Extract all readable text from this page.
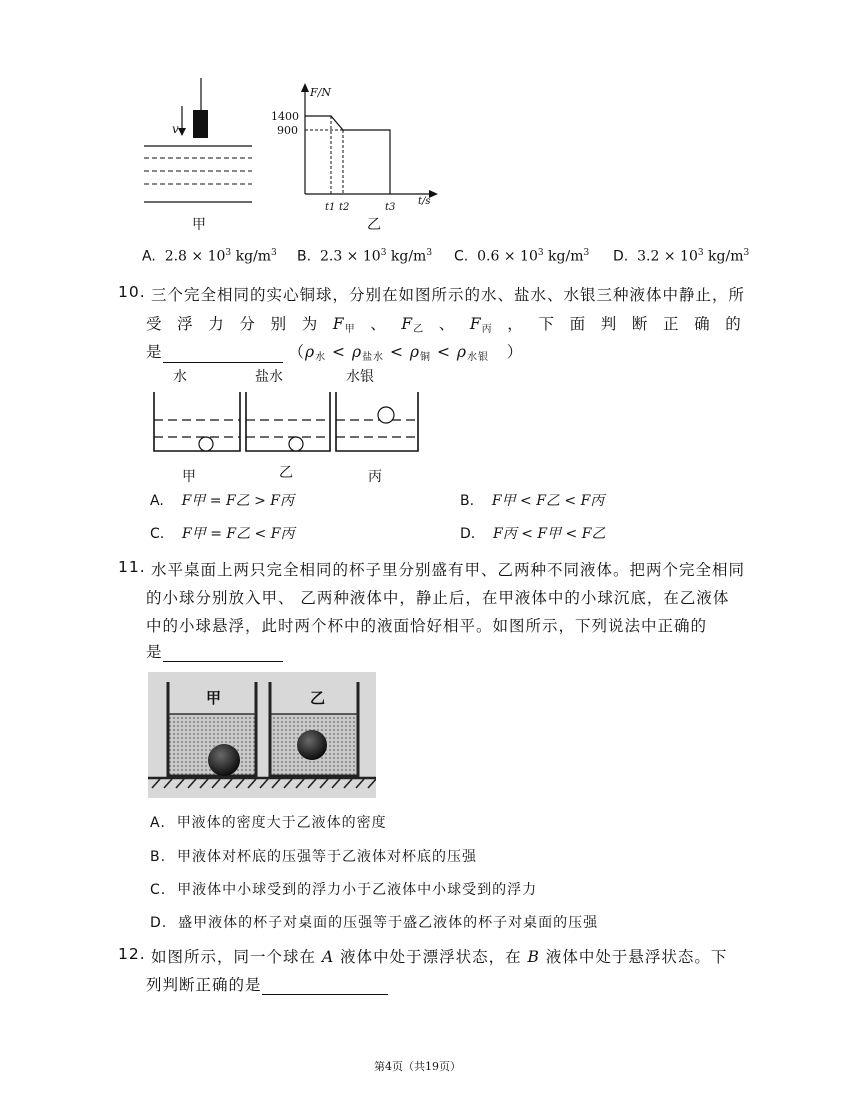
v
甲
F/N
1400
900
t1 t2	t3
t/s
乙
A. $2.8 \times 10^3$ $kg/m^3$ B. $2.3 \times 10^3$ $kg/m^3$ C. $0.6 \times 10^3$ $kg/m^3$ D. $3.2 \times 10^3$ $kg/m^3$
10. 三个完全相同的实心铜球，分别在如图所示的水、盐水、水银三种液体中静止，所
受 浮 力 分 别 为 $F_甲$ 、 $F_乙$ 、 $F_丙$ ， 下 面 判 断 正 确 的
是	（$\rho_水 < \rho_{盐水} < \rho_铜 < \rho_{水银}$ ）
水	盐水	水银
甲	乙	丙
A. F甲 = F乙 > F丙	B. F甲 < F乙 < F丙
C. F甲 = F乙 < F丙	D. F丙 < F甲 < F乙
11. 水平桌面上两只完全相同的杯子里分别盛有甲、乙两种不同液体。把两个完全相同
的小球分别放入甲、 乙两种液体中，静止后，在甲液体中的小球沉底，在乙液体
中的小球悬浮，此时两个杯中的液面恰好相平。如图所示，下列说法中正确的
是
甲	乙
A. 甲液体的密度大于乙液体的密度
B. 甲液体对杯底的压强等于乙液体对杯底的压强
C. 甲液体中小球受到的浮力小于乙液体中小球受到的浮力
D. 盛甲液体的杯子对桌面的压强等于盛乙液体的杯子对桌面的压强
12. 如图所示，同一个球在 A 液体中处于漂浮状态，在 B 液体中处于悬浮状态。下
列判断正确的是
第4页（共19页）
